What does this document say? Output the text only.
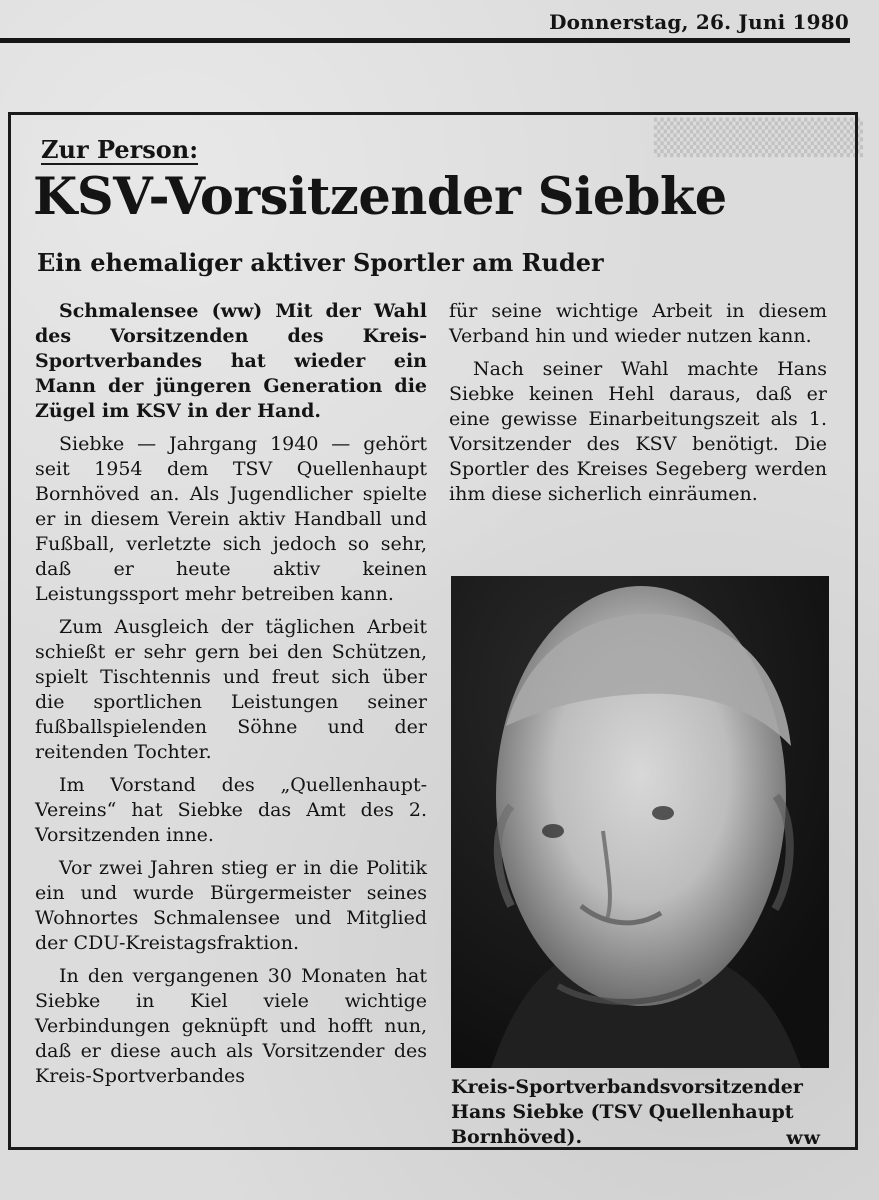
▒▒▒▒▒▒▒▒
Donnerstag, 26. Juni 1980
Zur Person:
KSV-Vorsitzender Siebke
Ein ehemaliger aktiver Sportler am Ruder

Schmalensee (ww) Mit der Wahl des Vorsitzenden des Kreis-Sportverbandes hat wieder ein Mann der jüngeren Generation die Zügel im KSV in der Hand.

Siebke — Jahrgang 1940 — gehört seit 1954 dem TSV Quellenhaupt Bornhöved an. Als Jugendlicher spielte er in diesem Verein aktiv Handball und Fußball, verletzte sich jedoch so sehr, daß er heute aktiv keinen Leistungssport mehr betreiben kann.

Zum Ausgleich der täglichen Arbeit schießt er sehr gern bei den Schützen, spielt Tischtennis und freut sich über die sportlichen Leistungen seiner fußballspielenden Söhne und der reitenden Tochter.

Im Vorstand des „Quellenhaupt-Vereins“ hat Siebke das Amt des 2. Vorsitzenden inne.

Vor zwei Jahren stieg er in die Politik ein und wurde Bürgermeister seines Wohnortes Schmalensee und Mitglied der CDU-Kreistagsfraktion.

In den vergangenen 30 Monaten hat Siebke in Kiel viele wichtige Verbindungen geknüpft und hofft nun, daß er diese auch als Vorsitzender des Kreis-Sportverbandes

für seine wichtige Arbeit in diesem Verband hin und wieder nutzen kann.

Nach seiner Wahl machte Hans Siebke keinen Hehl daraus, daß er eine gewisse Einarbeitungszeit als 1. Vorsitzender des KSV benötigt. Die Sportler des Kreises Segeberg werden ihm diese sicherlich einräumen.

Kreis-Sportverbandsvorsitzender Hans Siebke (TSV Quellenhaupt Bornhöved).	ww
